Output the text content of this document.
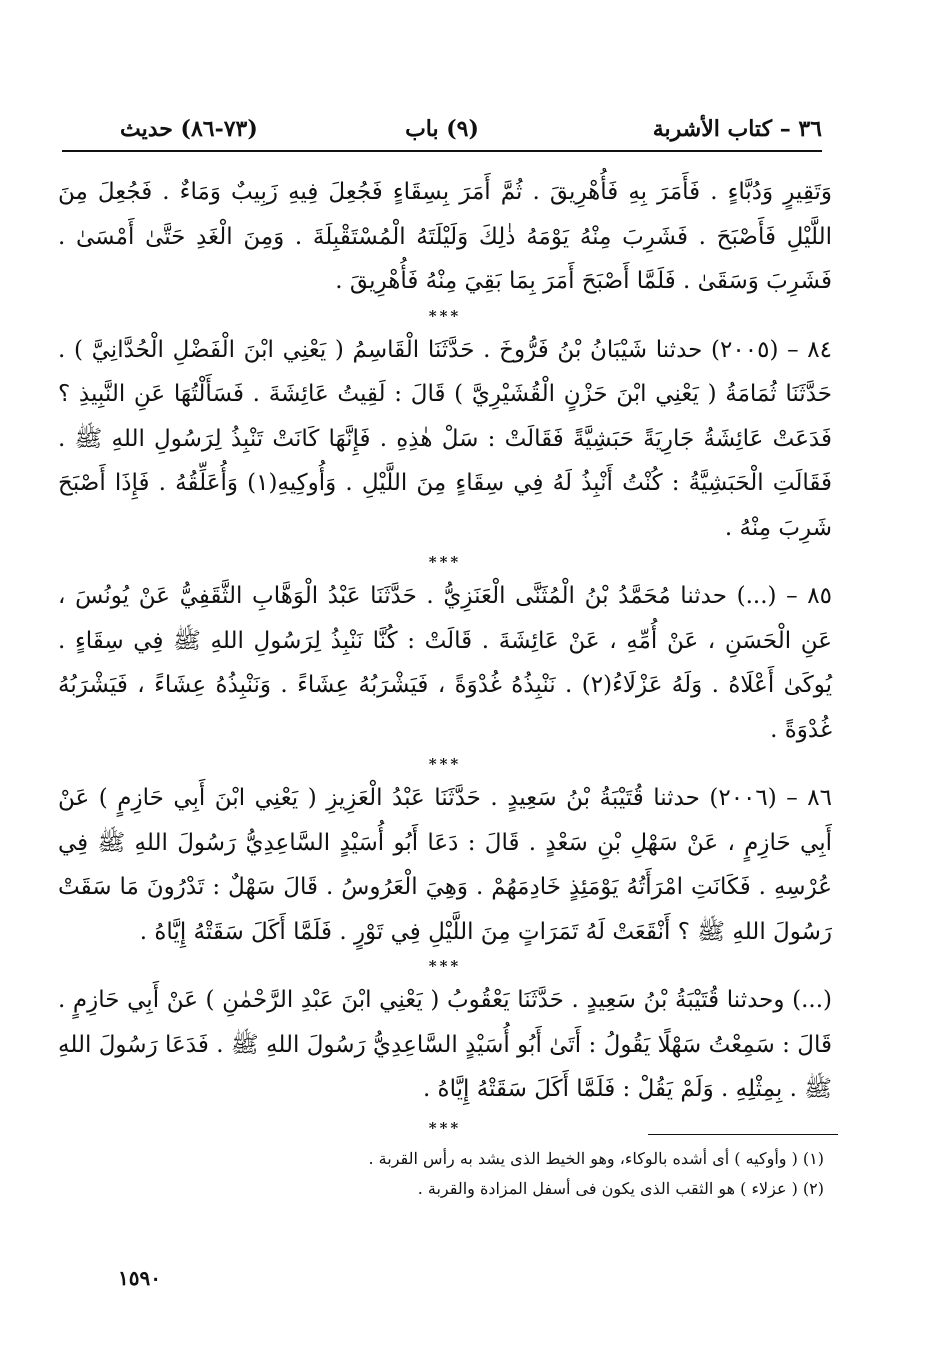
٣٦ – كتاب الأشربة
(٩) باب
(٧٣-٨٦) حديث

وَتَقِيرٍ وَدُبَّاءٍ . فَأَمَرَ بِهِ فَأُهْرِيقَ . ثُمَّ أَمَرَ بِسِقَاءٍ فَجُعِلَ فِيهِ زَبِيبٌ وَمَاءٌ . فَجُعِلَ مِنَ اللَّيْلِ فَأَصْبَحَ . فَشَرِبَ مِنْهُ يَوْمَهُ ذٰلِكَ وَلَيْلَتَهُ الْمُسْتَقْبِلَةَ . وَمِنَ الْغَدِ حَتَّىٰ أَمْسَىٰ . فَشَرِبَ وَسَقَىٰ . فَلَمَّا أَصْبَحَ أَمَرَ بِمَا بَقِيَ مِنْهُ فَأُهْرِيقَ .

***

٨٤ – (٢٠٠٥) حدثنا شَيْبَانُ بْنُ فَرُّوخَ . حَدَّثَنَا الْقَاسِمُ ( يَعْنِي ابْنَ الْفَضْلِ الْحُدَّانِيَّ ) . حَدَّثَنَا ثُمَامَةُ ( يَعْنِي ابْنَ حَزْنٍ الْقُشَيْرِيَّ ) قَالَ : لَقِيتُ عَائِشَةَ . فَسَأَلْتُهَا عَنِ النَّبِيذِ ؟ فَدَعَتْ عَائِشَةُ جَارِيَةً حَبَشِيَّةً فَقَالَتْ : سَلْ هٰذِهِ . فَإِنَّهَا كَانَتْ تَنْبِذُ لِرَسُولِ اللهِ ﷺ . فَقَالَتِ الْحَبَشِيَّةُ : كُنْتُ أَنْبِذُ لَهُ فِي سِقَاءٍ مِنَ اللَّيْلِ . وَأُوكِيهِ(١) وَأُعَلِّقُهُ . فَإِذَا أَصْبَحَ شَرِبَ مِنْهُ .

***

٨٥ – (...) حدثنا مُحَمَّدُ بْنُ الْمُثَنَّى الْعَنَزِيُّ . حَدَّثَنَا عَبْدُ الْوَهَّابِ الثَّقَفِيُّ عَنْ يُونُسَ ، عَنِ الْحَسَنِ ، عَنْ أُمِّهِ ، عَنْ عَائِشَةَ . قَالَتْ : كُنَّا نَنْبِذُ لِرَسُولِ اللهِ ﷺ فِي سِقَاءٍ . يُوكَىٰ أَعْلَاهُ . وَلَهُ عَزْلَاءُ(٢) . نَنْبِذُهُ غُدْوَةً ، فَيَشْرَبُهُ عِشَاءً . وَنَنْبِذُهُ عِشَاءً ، فَيَشْرَبُهُ غُدْوَةً .

***

٨٦ – (٢٠٠٦) حدثنا قُتَيْبَةُ بْنُ سَعِيدٍ . حَدَّثَنَا عَبْدُ الْعَزِيزِ ( يَعْنِي ابْنَ أَبِي حَازِمٍ ) عَنْ أَبِي حَازِمٍ ، عَنْ سَهْلِ بْنِ سَعْدٍ . قَالَ : دَعَا أَبُو أُسَيْدٍ السَّاعِدِيُّ رَسُولَ اللهِ ﷺ فِي عُرْسِهِ . فَكَانَتِ امْرَأَتُهُ يَوْمَئِذٍ خَادِمَهُمْ . وَهِيَ الْعَرُوسُ . قَالَ سَهْلٌ : تَدْرُونَ مَا سَقَتْ رَسُولَ اللهِ ﷺ ؟ أَنْقَعَتْ لَهُ تَمَرَاتٍ مِنَ اللَّيْلِ فِي تَوْرٍ . فَلَمَّا أَكَلَ سَقَتْهُ إِيَّاهُ .

***

(...) وحدثنا قُتَيْبَةُ بْنُ سَعِيدٍ . حَدَّثَنَا يَعْقُوبُ ( يَعْنِي ابْنَ عَبْدِ الرَّحْمٰنِ ) عَنْ أَبِي حَازِمٍ . قَالَ : سَمِعْتُ سَهْلًا يَقُولُ : أَتَىٰ أَبُو أُسَيْدٍ السَّاعِدِيُّ رَسُولَ اللهِ ﷺ . فَدَعَا رَسُولَ اللهِ ﷺ . بِمِثْلِهِ . وَلَمْ يَقُلْ : فَلَمَّا أَكَلَ سَقَتْهُ إِيَّاهُ .

***

(١) ( وأوكيه ) أى أشده بالوكاء، وهو الخيط الذى يشد به رأس القربة .

(٢) ( عزلاء ) هو الثقب الذى يكون فى أسفل المزادة والقربة .

١٥٩٠
